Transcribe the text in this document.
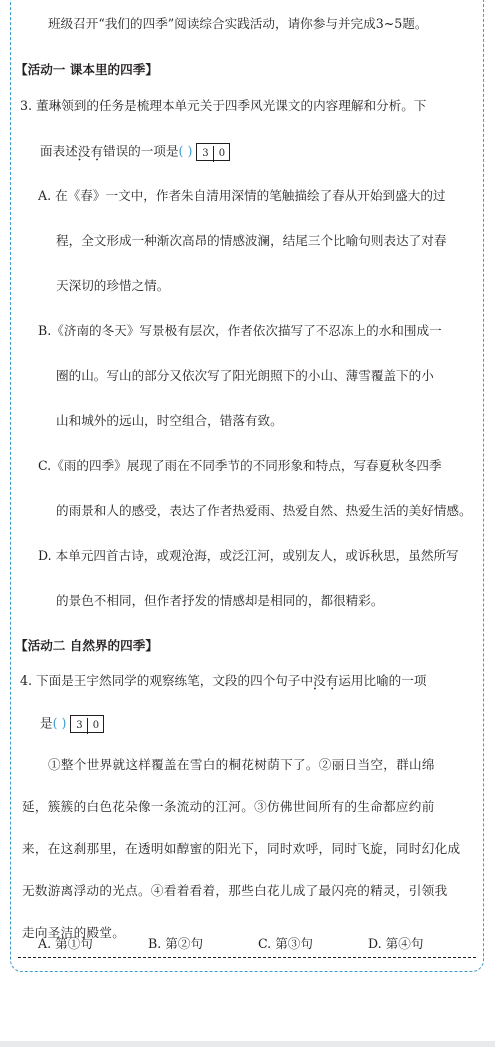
班级召开“我们的四季”阅读综合实践活动，请你参与并完成3~5题。
【活动一 课本里的四季】
3. 董琳领到的任务是梳理本单元关于四季风光课文的内容理解和分析。下
面表述没有 • •错误的一项是( ) 3 0
A. 在《春》一文中，作者朱自清用深情的笔触描绘了春从开始到盛大的过
程，全文形成一种渐次高昂的情感波澜，结尾三个比喻句则表达了对春
天深切的珍惜之情。
B.《济南的冬天》写景极有层次，作者依次描写了不忍冻上的水和围成一
圈的山。写山的部分又依次写了阳光朗照下的小山、薄雪覆盖下的小
山和城外的远山，时空组合，错落有致。
C.《雨的四季》展现了雨在不同季节的不同形象和特点，写春夏秋冬四季
的雨景和人的感受，表达了作者热爱雨、热爱自然、热爱生活的美好情感。
D. 本单元四首古诗，或观沧海，或泛江河，或别友人，或诉秋思，虽然所写
的景色不相同，但作者抒发的情感却是相同的，都很精彩。
【活动二 自然界的四季】
4. 下面是王宇然同学的观察练笔，文段的四个句子中没有 • •运用比喻的一项
是( ) 3 0
①整个世界就这样覆盖在雪白的桐花树荫下了。②丽日当空，群山绵
延，簇簇的白色花朵像一条流动的江河。③仿佛世间所有的生命都应约前
来，在这刹那里，在透明如醇蜜的阳光下，同时欢呼，同时飞旋，同时幻化成
无数游离浮动的光点。④看着看着，那些白花儿成了最闪亮的精灵，引领我
走向圣洁的殿堂。
A. 第①句	B. 第②句	C. 第③句	D. 第④句
